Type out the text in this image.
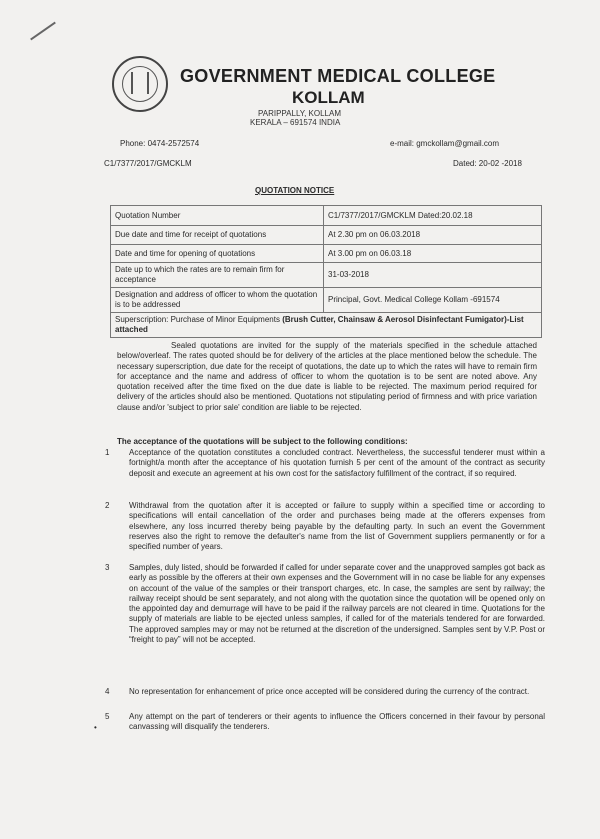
GOVERNMENT MEDICAL COLLEGE
KOLLAM
PARIPPALLY, KOLLAM
KERALA – 691574 INDIA
Phone: 0474-2572574	e-mail: gmckollam@gmail.com
C1/7377/2017/GMCKLM	Dated: 20-02 -2018
QUOTATION NOTICE
Quotation Number	C1/7377/2017/GMCKLM Dated:20.02.18
Due date and time for receipt of quotations	At 2.30 pm on 06.03.2018
Date and time for opening of quotations	At 3.00 pm on 06.03.18
Date up to which the rates are to remain firm for acceptance	31-03-2018
Designation and address of officer to whom the quotation is to be addressed	Principal, Govt. Medical College Kollam -691574
Superscription: Purchase of Minor Equipments (Brush Cutter, Chainsaw & Aerosol Disinfectant Fumigator)-List attached	

Sealed quotations are invited for the supply of the materials specified in the schedule attached below/overleaf. The rates quoted should be for delivery of the articles at the place mentioned below the schedule. The necessary superscription, due date for the receipt of quotations, the date up to which the rates will have to remain firm for acceptance and the name and address of officer to whom the quotation is to be sent are noted above. Any quotation received after the time fixed on the due date is liable to be rejected. The maximum period required for delivery of the articles should also be mentioned. Quotations not stipulating period of firmness and with price variation clause and/or 'subject to prior sale' condition are liable to be rejected.

The acceptance of the quotations will be subject to the following conditions:
1 Acceptance of the quotation constitutes a concluded contract. Nevertheless, the successful tenderer must within a fortnight/a month after the acceptance of his quotation furnish 5 per cent of the amount of the contract as security deposit and execute an agreement at his own cost for the satisfactory fulfillment of the contract, if so required.
2 Withdrawal from the quotation after it is accepted or failure to supply within a specified time or according to specifications will entail cancellation of the order and purchases being made at the offerers expenses from elsewhere, any loss incurred thereby being payable by the defaulting party. In such an event the Government reserves also the right to remove the defaulter's name from the list of Government suppliers permanently or for a specified number of years.
3 Samples, duly listed, should be forwarded if called for under separate cover and the unapproved samples got back as early as possible by the offerers at their own expenses and the Government will in no case be liable for any expenses on account of the value of the samples or their transport charges, etc. In case, the samples are sent by railway; the railway receipt should be sent separately, and not along with the quotation since the quotation will be opened only on the appointed day and demurrage will have to be paid if the railway parcels are not cleared in time. Quotations for the supply of materials are liable to be ejected unless samples, if called for of the materials tendered for are forwarded. The approved samples may or may not be returned at the discretion of the undersigned. Samples sent by V.P. Post or “freight to pay” will not be accepted.
4 No representation for enhancement of price once accepted will be considered during the currency of the contract.
5 Any attempt on the part of tenderers or their agents to influence the Officers concerned in their favour by personal canvassing will disqualify the tenderers.
•
